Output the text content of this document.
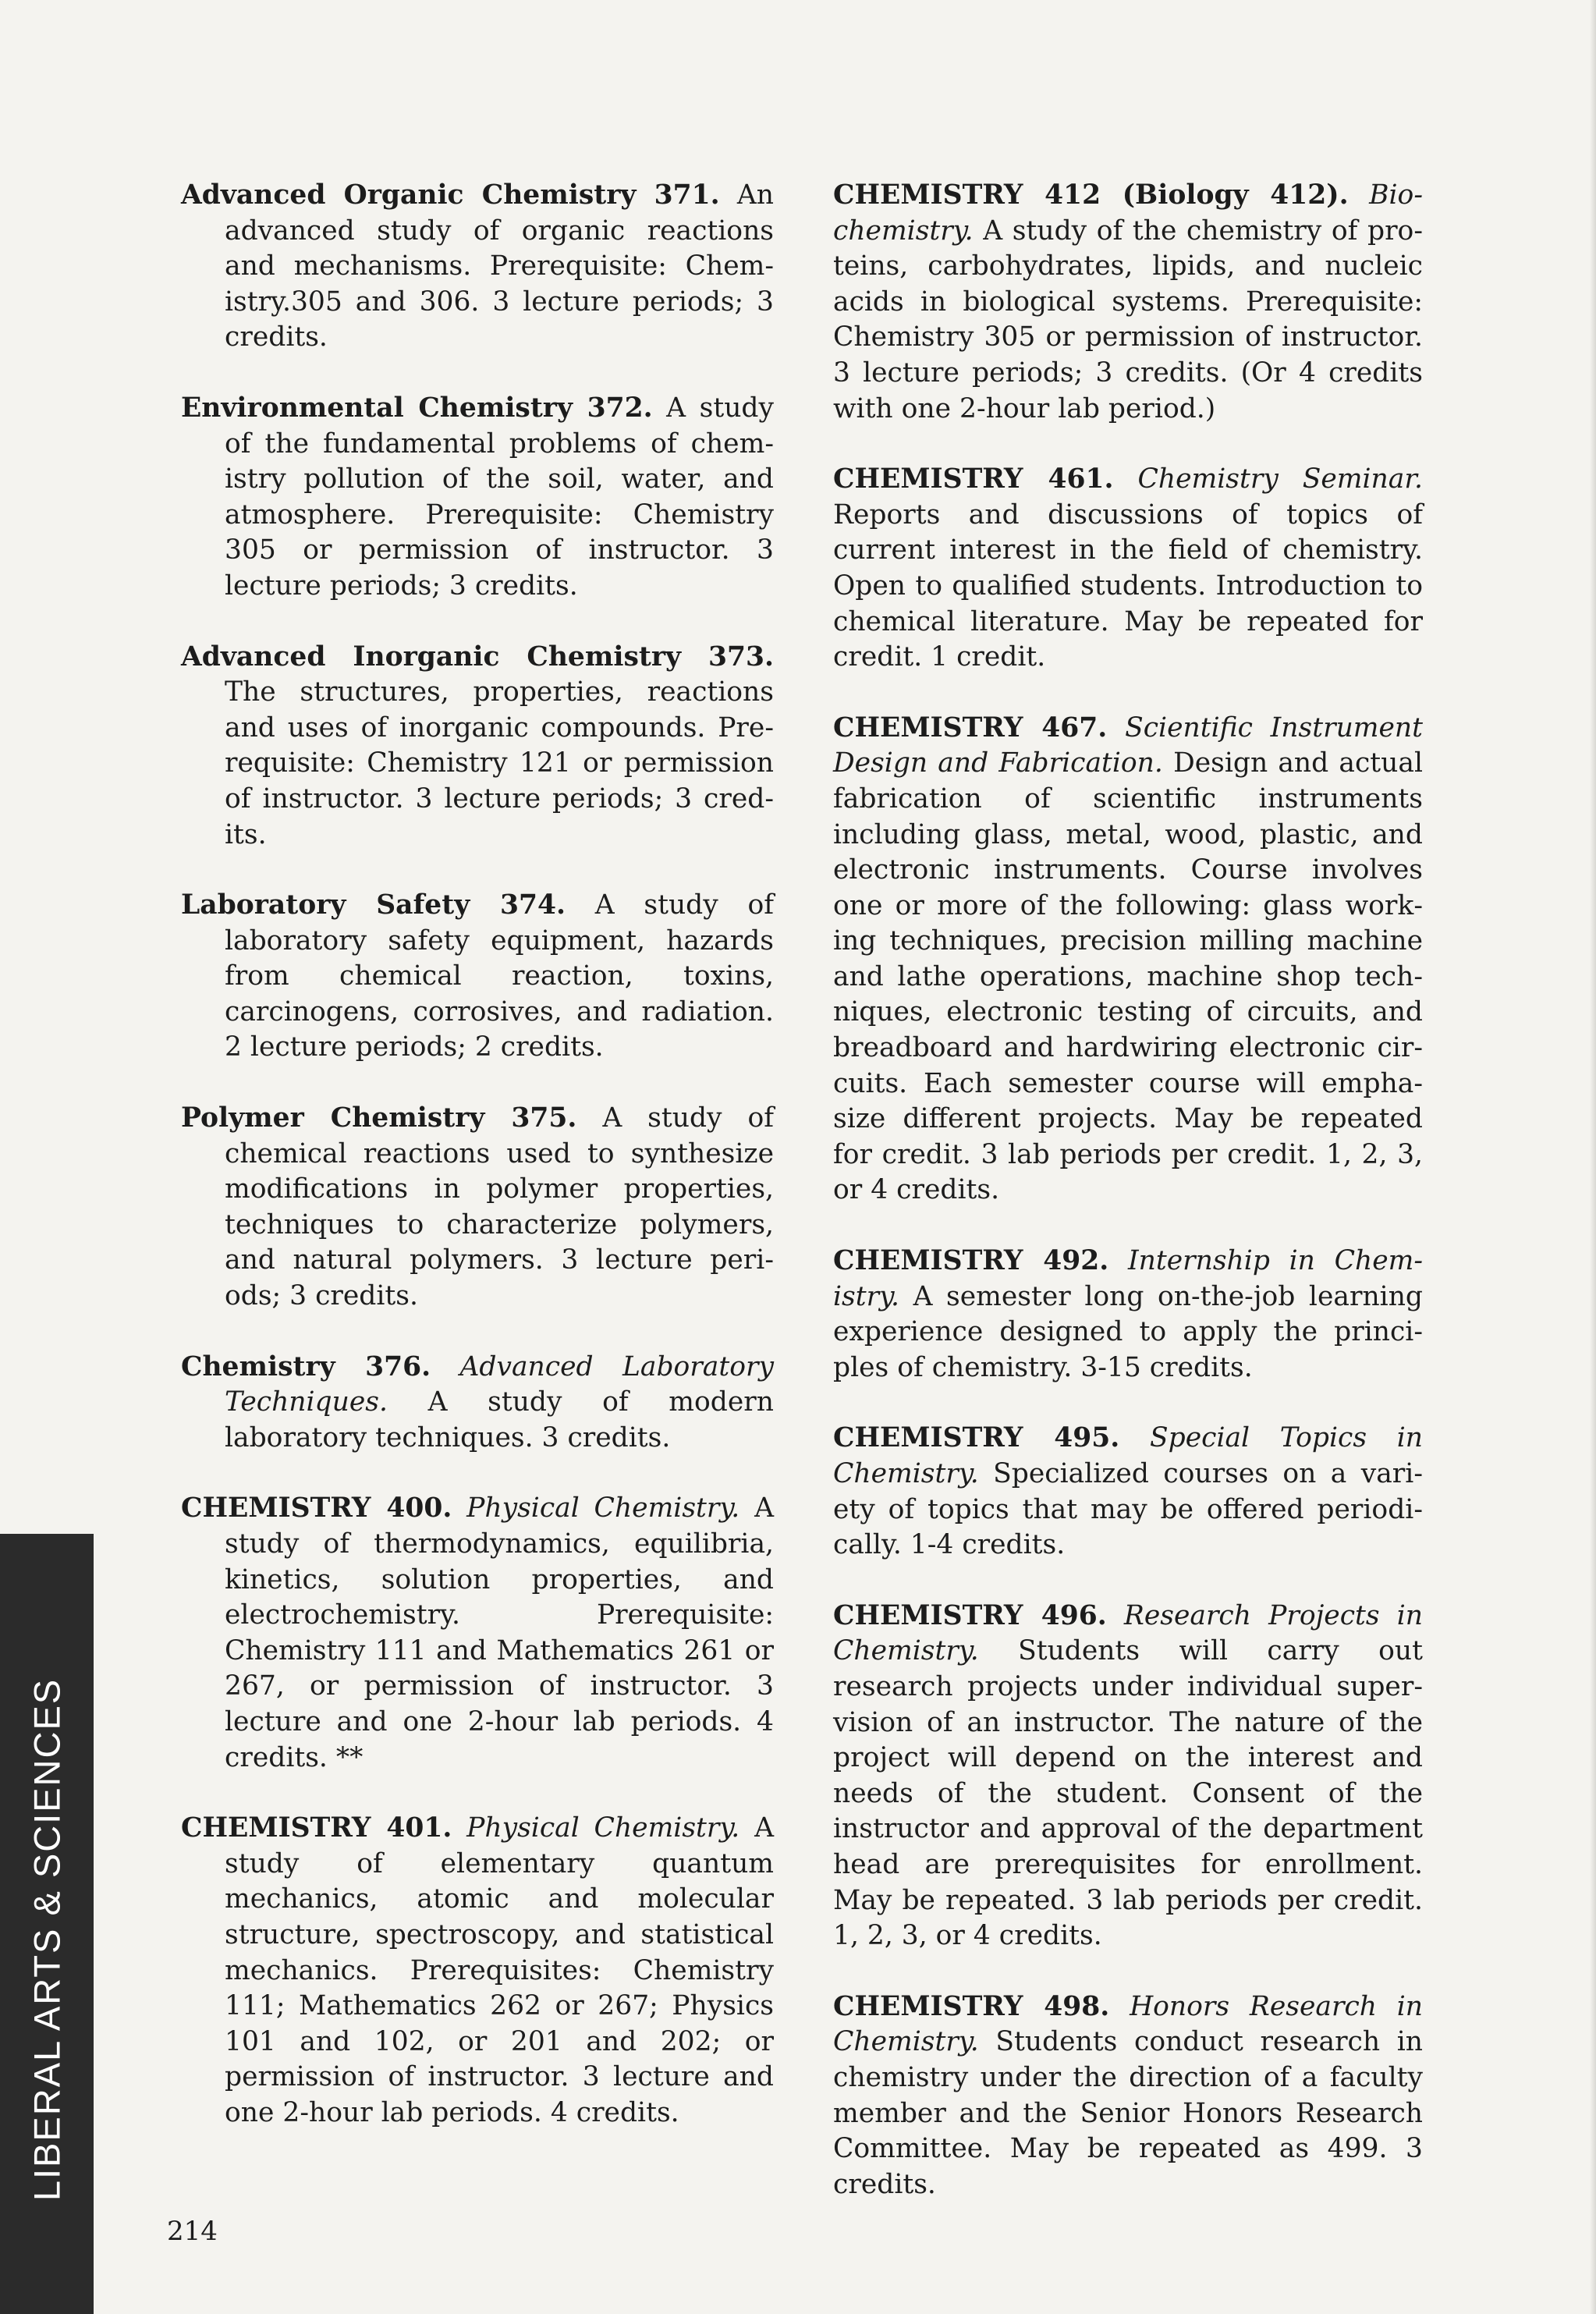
Advanced Organic Chemistry 371. An advanced study of organic reactions and mechanisms. Prerequisite: Chemistry.305 and 306. 3 lecture periods; 3 credits.

Environmental Chemistry 372. A study of the fundamental problems of chemistry pollution of the soil, water, and atmosphere. Prerequisite: Chemistry 305 or permission of instructor. 3 lecture periods; 3 credits.

Advanced Inorganic Chemistry 373. The structures, properties, reactions and uses of inorganic compounds. Prerequisite: Chemistry 121 or permission of instructor. 3 lecture periods; 3 credits.

Laboratory Safety 374. A study of laboratory safety equipment, hazards from chemical reaction, toxins, carcinogens, corrosives, and radiation. 2 lecture periods; 2 credits.

Polymer Chemistry 375. A study of chemical reactions used to synthesize modifications in polymer properties, techniques to characterize polymers, and natural polymers. 3 lecture periods; 3 credits.

Chemistry 376. Advanced Laboratory Techniques. A study of modern laboratory techniques. 3 credits.

CHEMISTRY 400. Physical Chemistry. A study of thermodynamics, equilibria, kinetics, solution properties, and electrochemistry. Prerequisite: Chemistry 111 and Mathematics 261 or 267, or permission of instructor. 3 lecture and one 2-hour lab periods. 4 credits. **

CHEMISTRY 401. Physical Chemistry. A study of elementary quantum mechanics, atomic and molecular structure, spectroscopy, and statistical mechanics. Prerequisites: Chemistry 111; Mathematics 262 or 267; Physics 101 and 102, or 201 and 202; or permission of instructor. 3 lecture and one 2-hour lab periods. 4 credits.

CHEMISTRY 412 (Biology 412). Biochemistry. A study of the chemistry of proteins, carbohydrates, lipids, and nucleic acids in biological systems. Prerequisite: Chemistry 305 or permission of instructor. 3 lecture periods; 3 credits. (Or 4 credits with one 2-hour lab period.)

CHEMISTRY 461. Chemistry Seminar. Reports and discussions of topics of current interest in the field of chemistry. Open to qualified students. Introduction to chemical literature. May be repeated for credit. 1 credit.

CHEMISTRY 467. Scientific Instrument Design and Fabrication. Design and actual fabrication of scientific instruments including glass, metal, wood, plastic, and electronic instruments. Course involves one or more of the following: glass working techniques, precision milling machine and lathe operations, machine shop techniques, electronic testing of circuits, and breadboard and hardwiring electronic circuits. Each semester course will emphasize different projects. May be repeated for credit. 3 lab periods per credit. 1, 2, 3, or 4 credits.

CHEMISTRY 492. Internship in Chemistry. A semester long on-the-job learning experience designed to apply the principles of chemistry. 3-15 credits.

CHEMISTRY 495. Special Topics in Chemistry. Specialized courses on a variety of topics that may be offered periodically. 1-4 credits.

CHEMISTRY 496. Research Projects in Chemistry. Students will carry out research projects under individual supervision of an instructor. The nature of the project will depend on the interest and needs of the student. Consent of the instructor and approval of the department head are prerequisites for enrollment. May be repeated. 3 lab periods per credit. 1, 2, 3, or 4 credits.

CHEMISTRY 498. Honors Research in Chemistry. Students conduct research in chemistry under the direction of a faculty member and the Senior Honors Research Committee. May be repeated as 499. 3 credits.

LIBERAL ARTS & SCIENCES
214
